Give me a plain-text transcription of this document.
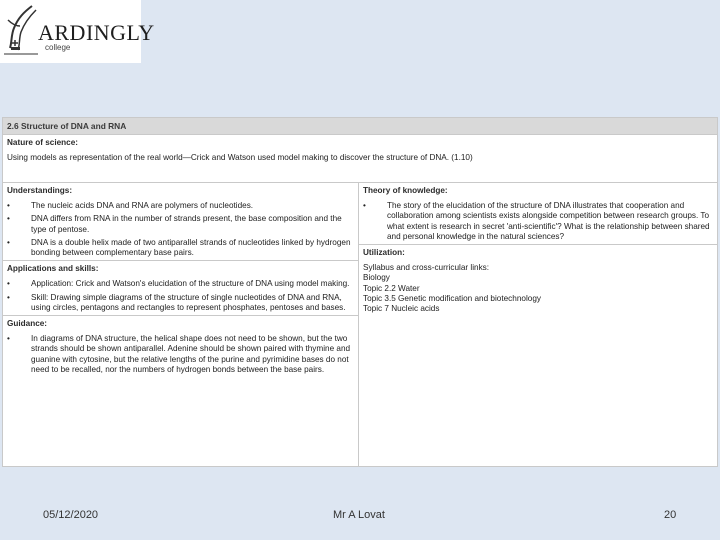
ARDINGLY
college
2.6 Structure of DNA and RNA
Nature of science:
Using models as representation of the real world—Crick and Watson used model making to discover the structure of DNA. (1.10)
Understandings:
•	The nucleic acids DNA and RNA are polymers of nucleotides.
•	DNA differs from RNA in the number of strands present, the base composition and the type of pentose.
•	DNA is a double helix made of two antiparallel strands of nucleotides linked by hydrogen bonding between complementary base pairs.
Applications and skills:
•	Application: Crick and Watson's elucidation of the structure of DNA using model making.
•	Skill: Drawing simple diagrams of the structure of single nucleotides of DNA and RNA, using circles, pentagons and rectangles to represent phosphates, pentoses and bases.
Guidance:
•	In diagrams of DNA structure, the helical shape does not need to be shown, but the two strands should be shown antiparallel. Adenine should be shown paired with thymine and guanine with cytosine, but the relative lengths of the purine and pyrimidine bases do not need to be recalled, nor the numbers of hydrogen bonds between the base pairs.
Theory of knowledge:
•	The story of the elucidation of the structure of DNA illustrates that cooperation and collaboration among scientists exists alongside competition between research groups. To what extent is research in secret 'anti-scientific'? What is the relationship between shared and personal knowledge in the natural sciences?
Utilization:
Syllabus and cross-curricular links:
Biology
Topic 2.2 Water
Topic 3.5 Genetic modification and biotechnology
Topic 7 Nucleic acids
05/12/2020	Mr A Lovat	20
